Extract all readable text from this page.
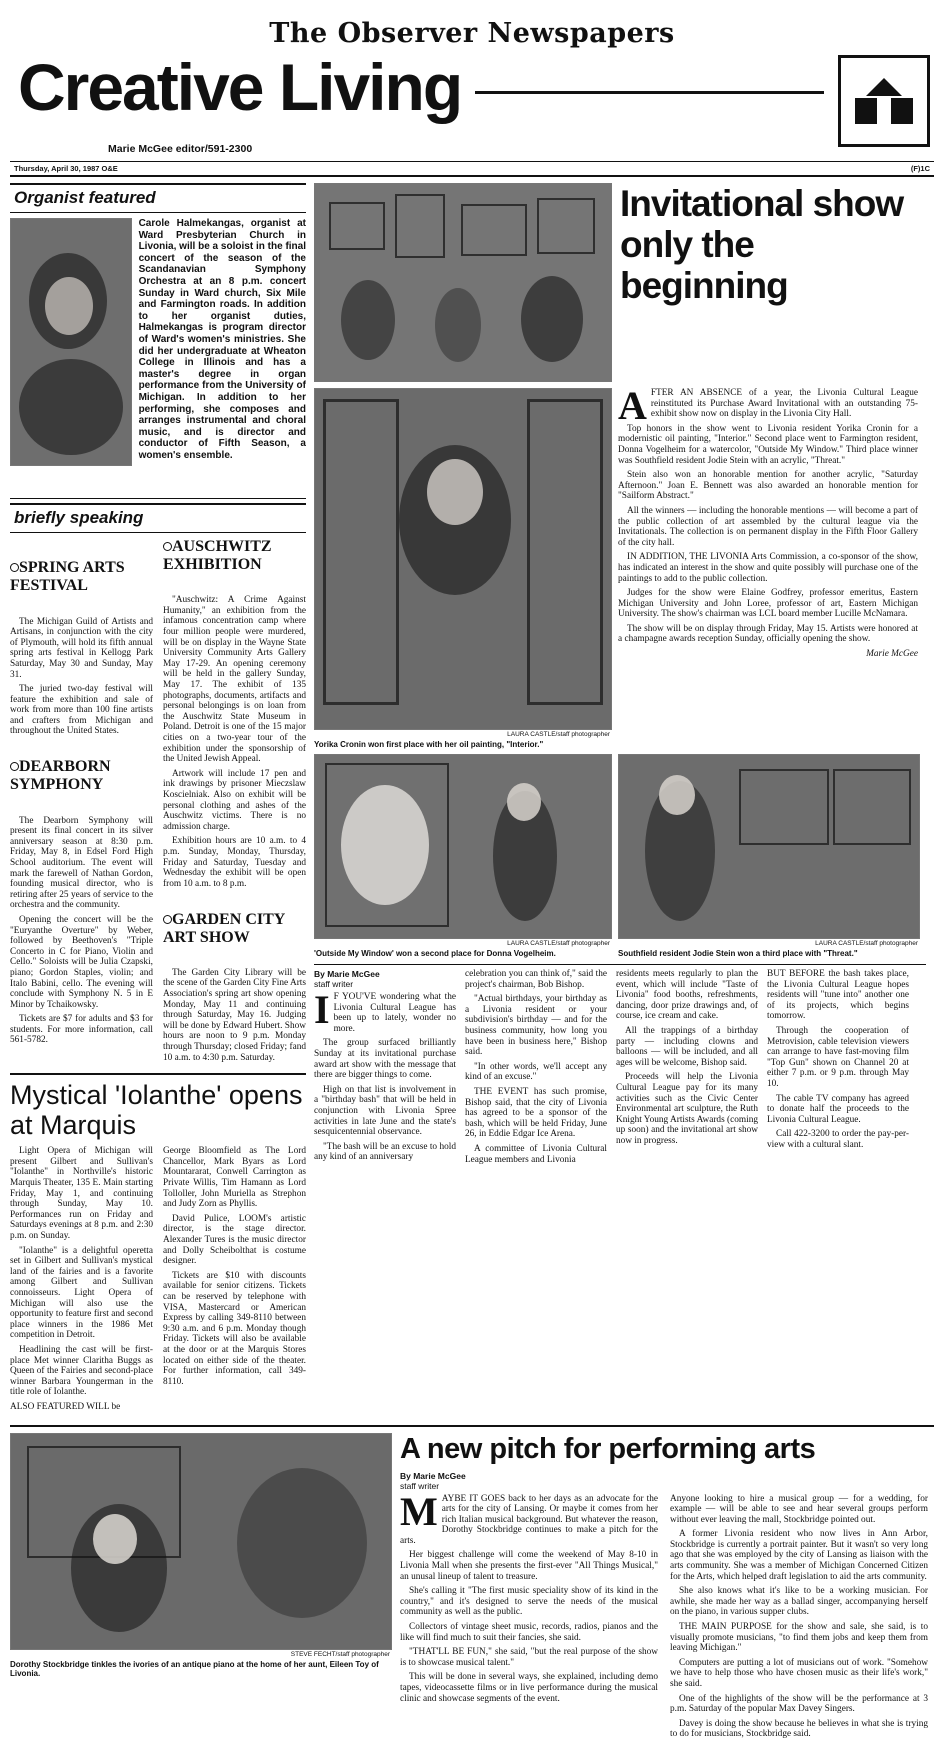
The Observer Newspapers
Creative Living
Marie McGee editor/591-2300
Thursday, April 30, 1987 O&E	(F)1C
Organist featured
Carole Halmekangas, organist at Ward Presbyterian Church in Livonia, will be a soloist in the final concert of the season of the Scandanavian Symphony Orchestra at an 8 p.m. concert Sunday in Ward church, Six Mile and Farmington roads. In addition to her organist duties, Halmekangas is program director of Ward's women's ministries. She did her undergraduate at Wheaton College in Illinois and has a master's degree in organ performance from the University of Michigan. In addition to her performing, she composes and arranges instrumental and choral music, and is director and conductor of Fifth Season, a women's ensemble.
briefly speaking
SPRING ARTS FESTIVAL

The Michigan Guild of Artists and Artisans, in conjunction with the city of Plymouth, will hold its fifth annual spring arts festival in Kellogg Park Saturday, May 30 and Sunday, May 31.

The juried two-day festival will feature the exhibition and sale of work from more than 100 fine artists and crafters from Michigan and throughout the United States.

DEARBORN SYMPHONY

The Dearborn Symphony will present its final concert in its silver anniversary season at 8:30 p.m. Friday, May 8, in Edsel Ford High School auditorium. The event will mark the farewell of Nathan Gordon, founding musical director, who is retiring after 25 years of service to the orchestra and the community.

Opening the concert will be the "Euryanthe Overture" by Weber, followed by Beethoven's "Triple Concerto in C for Piano, Violin and Cello." Soloists will be Julia Czapski, piano; Gordon Staples, violin; and Italo Babini, cello. The evening will conclude with Symphony N. 5 in E Minor by Tchaikowsky.

Tickets are $7 for adults and $3 for students. For more information, call 561-5782.

AUSCHWITZ EXHIBITION

"Auschwitz: A Crime Against Humanity," an exhibition from the infamous concentration camp where four million people were murdered, will be on display in the Wayne State University Community Arts Gallery May 17-29. An opening ceremony will be held in the gallery Sunday, May 17. The exhibit of 135 photographs, documents, artifacts and personal belongings is on loan from the Auschwitz State Museum in Poland. Detroit is one of the 15 major cities on a two-year tour of the exhibition under the sponsorship of the United Jewish Appeal.

Artwork will include 17 pen and ink drawings by prisoner Mieczslaw Koscielniak. Also on exhibit will be personal clothing and ashes of the Auschwitz victims. There is no admission charge.

Exhibition hours are 10 a.m. to 4 p.m. Sunday, Monday, Thursday, Friday and Saturday, Tuesday and Wednesday the exhibit will be open from 10 a.m. to 8 p.m.

GARDEN CITY ART SHOW

The Garden City Library will be the scene of the Garden City Fine Arts Association's spring art show opening Monday, May 11 and continuing through Saturday, May 16. Judging will be done by Edward Hubert. Show hours are noon to 9 p.m. Monday through Thursday; closed Friday; fand 10 a.m. to 4:30 p.m. Saturday.

Mystical 'Iolanthe' opens at Marquis

Light Opera of Michigan will present Gilbert and Sullivan's "Iolanthe" in Northville's historic Marquis Theater, 135 E. Main starting Friday, May 1, and continuing through Sunday, May 10. Performances run on Friday and Saturdays evenings at 8 p.m. and 2:30 p.m. on Sunday.

"Iolanthe" is a delightful operetta set in Gilbert and Sullivan's mystical land of the fairies and is a favorite among Gilbert and Sullivan connoisseurs. Light Opera of Michigan will also use the opportunity to feature first and second place winners in the 1986 Met competition in Detroit.

Headlining the cast will be first-place Met winner Claritha Buggs as Queen of the Fairies and second-place winner Barbara Youngerman in the title role of Iolanthe.

ALSO FEATURED WILL be

George Bloomfield as The Lord Chancellor, Mark Byars as Lord Mountararat, Conwell Carrington as Private Willis, Tim Hamann as Lord Tolloller, John Muriella as Strephon and Judy Zorn as Phyllis.

David Pulice, LOOM's artistic director, is the stage director. Alexander Tures is the music director and Dolly Scheibolthat is costume designer.

Tickets are $10 with discounts available for senior citizens. Tickets can be reserved by telephone with VISA, Mastercard or American Express by calling 349-8110 between 9:30 a.m. and 6 p.m. Monday though Friday. Tickets will also be available at the door or at the Marquis Stores located on either side of the theater. For further information, call 349-8110.

Invitational show only the beginning
LAURA CASTLE/staff photographer
Yorika Cronin won first place with her oil painting, "Interior."

AFTER AN ABSENCE of a year, the Livonia Cultural League reinstituted its Purchase Award Invitational with an outstanding 75-exhibit show now on display in the Livonia City Hall.

Top honors in the show went to Livonia resident Yorika Cronin for a modernistic oil painting, "Interior." Second place went to Farmington resident, Donna Vogelheim for a watercolor, "Outside My Window." Third place winner was Southfield resident Jodie Stein with an acrylic, "Threat."

Stein also won an honorable mention for another acrylic, "Saturday Afternoon." Joan E. Bennett was also awarded an honorable mention for "Sailform Abstract."

All the winners — including the honorable mentions — will become a part of the public collection of art assembled by the cultural league via the Invitationals. The collection is on permanent display in the Fifth Floor Gallery of the city hall.

IN ADDITION, THE LIVONIA Arts Commission, a co-sponsor of the show, has indicated an interest in the show and quite possibly will purchase one of the paintings to add to the public collection.

Judges for the show were Elaine Godfrey, professor emeritus, Eastern Michigan University and John Loree, professor of art, Eastern Michigan University. The show's chairman was LCL board member Lucille McNamara.

The show will be on display through Friday, May 15. Artists were honored at a champagne awards reception Sunday, officially opening the show.

Marie McGee
LAURA CASTLE/staff photographer
'Outside My Window' won a second place for Donna Vogelheim.
LAURA CASTLE/staff photographer
Southfield resident Jodie Stein won a third place with "Threat."
By Marie McGee
staff writer

I F YOU'VE wondering what the Livonia Cultural League has been up to lately, wonder no more.

The group surfaced brilliantly Sunday at its invitational purchase award art show with the message that there are bigger things to come.

High on that list is involvement in a "birthday bash" that will be held in conjunction with Livonia Spree activities in late June and the state's sesquicentennial observance.

"The bash will be an excuse to hold any kind of an anniversary

celebration you can think of," said the project's chairman, Bob Bishop.

"Actual birthdays, your birthday as a Livonia resident or your subdivision's birthday — and for the business community, how long you have been in business here," Bishop said.

"In other words, we'll accept any kind of an excuse."

THE EVENT has such promise, Bishop said, that the city of Livonia has agreed to be a sponsor of the bash, which will be held Friday, June 26, in Eddie Edgar Ice Arena.

A committee of Livonia Cultural League members and Livonia

residents meets regularly to plan the event, which will include "Taste of Livonia" food booths, refreshments, dancing, door prize drawings and, of course, ice cream and cake.

All the trappings of a birthday party — including clowns and balloons — will be included, and all ages will be welcome, Bishop said.

Proceeds will help the Livonia Cultural League pay for its many activities such as the Civic Center Environmental art sculpture, the Ruth Knight Young Artists Awards (coming up soon) and the invitational art show now in progress.

BUT BEFORE the bash takes place, the Livonia Cultural League hopes residents will "tune into" another one of its projects, which begins tomorrow.

Through the cooperation of Metrovision, cable television viewers can arrange to have fast-moving film "Top Gun" shown on Channel 20 at either 7 p.m. or 9 p.m. through May 10.

The cable TV company has agreed to donate half the proceeds to the Livonia Cultural League.

Call 422-3200 to order the pay-per-view with a cultural slant.

STEVE FECHT/staff photographer
Dorothy Stockbridge tinkles the ivories of an antique piano at the home of her aunt, Eileen Toy of Livonia.
A new pitch for performing arts
By Marie McGee
staff writer

MAYBE IT GOES back to her days as an advocate for the arts for the city of Lansing. Or maybe it comes from her rich Italian musical background. But whatever the reason, Dorothy Stockbridge continues to make a pitch for the arts.

Her biggest challenge will come the weekend of May 8-10 in Livonia Mall when she presents the first-ever "All Things Musical," an unusal lineup of talent to treasure.

She's calling it "The first music speciality show of its kind in the country," and it's designed to serve the needs of the musical community as well as the public.

Collectors of vintage sheet music, records, radios, pianos and the like will find much to suit their fancies, she said.

"THAT'LL BE FUN," she said, "but the real purpose of the show is to showcase musical talent."

This will be done in several ways, she explained, including demo tapes, videocassette films or in live performance during the musical clinic and showcase segments of the event.

Anyone looking to hire a musical group — for a wedding, for example — will be able to see and hear several groups perform without ever leaving the mall, Stockbridge pointed out.

A former Livonia resident who now lives in Ann Arbor, Stockbridge is currently a portrait painter. But it wasn't so very long ago that she was employed by the city of Lansing as liaison with the arts community. She was a member of Michigan Concerned Citizen for the Arts, which helped draft legislation to aid the arts community.

She also knows what it's like to be a working musician. For awhile, she made her way as a ballad singer, accompanying herself on the piano, in various supper clubs.

THE MAIN PURPOSE for the show and sale, she said, is to visually promote musicians, "to find them jobs and keep them from leaving Michigan."

Computers are putting a lot of musicians out of work. "Somehow we have to help those who have chosen music as their life's work," she said.

One of the highlights of the show will be the performance at 3 p.m. Saturday of the popular Max Davey Singers.

Davey is doing the show because he believes in what she is trying to do for musicians, Stockbridge said.
